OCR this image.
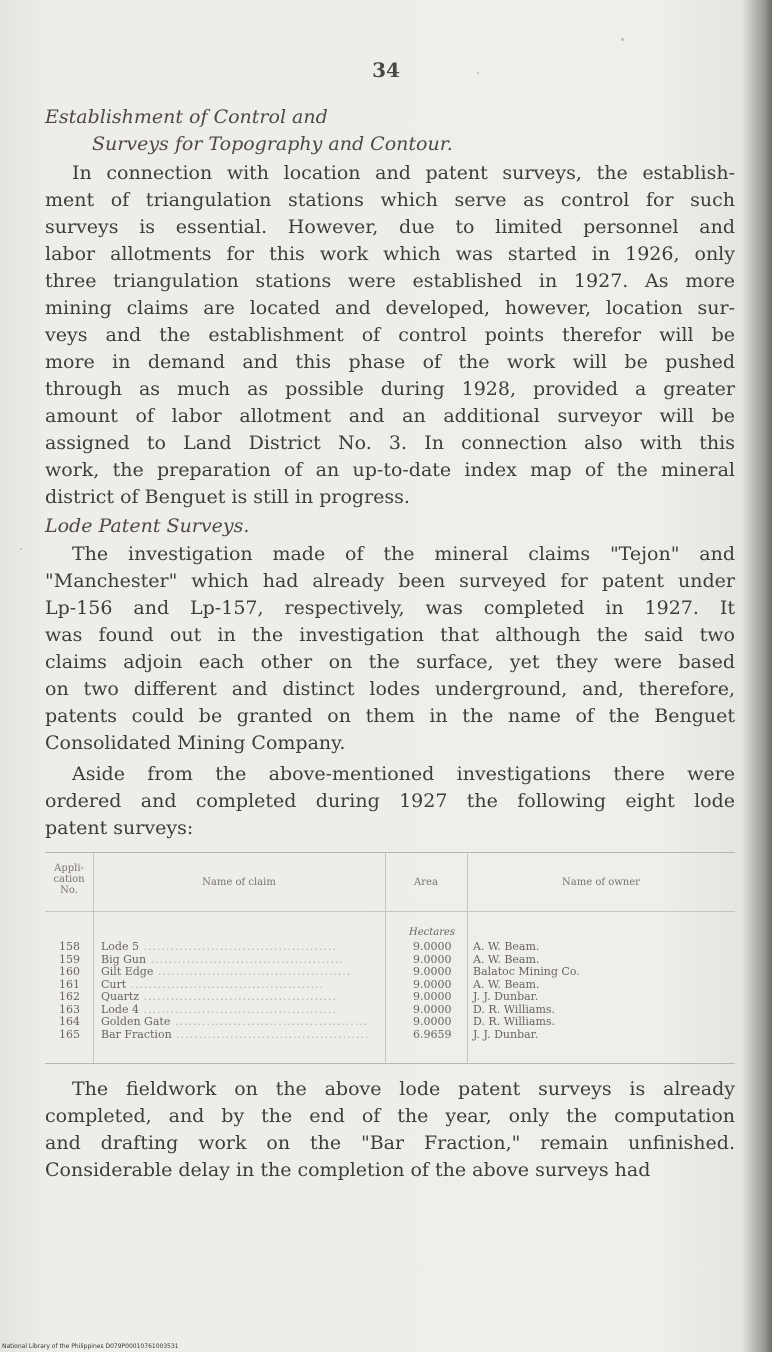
34
Establishment of Control and
Surveys for Topography and Contour.
In connection with location and patent surveys, the establish-
ment of triangulation stations which serve as control for such
surveys is essential. However, due to limited personnel and
labor allotments for this work which was started in 1926, only
three triangulation stations were established in 1927. As more
mining claims are located and developed, however, location sur-
veys and the establishment of control points therefor will be
more in demand and this phase of the work will be pushed
through as much as possible during 1928, provided a greater
amount of labor allotment and an additional surveyor will be
assigned to Land District No. 3. In connection also with this
work, the preparation of an up-to-date index map of the mineral
district of Benguet is still in progress.
Lode Patent Surveys.
The investigation made of the mineral claims "Tejon" and
"Manchester" which had already been surveyed for patent under
Lp-156 and Lp-157, respectively, was completed in 1927. It
was found out in the investigation that although the said two
claims adjoin each other on the surface, yet they were based
on two different and distinct lodes underground, and, therefore,
patents could be granted on them in the name of the Benguet
Consolidated Mining Company.
Aside from the above-mentioned investigations there were
ordered and completed during 1927 the following eight lode
patent surveys:
Appli-
cation
No.
Name of claim	Area	Name of owner
Hectares
158 Lode 5 .....	9.0000 A. W. Beam.
159 Big Gun .....	9.0000 A. W. Beam.
160 Gilt Edge .....	9.0000 Balatoc Mining Co.
161 Curt .....	9.0000 A. W. Beam.
162 Quartz .....	9.0000 J. J. Dunbar.
163 Lode 4 .....	9.0000 D. R. Williams.
164 Golden Gate .....	9.0000 D. R. Williams.
165 Bar Fraction .....	6.9659 J. J. Dunbar.
The fieldwork on the above lode patent surveys is already
completed, and by the end of the year, only the computation
and drafting work on the "Bar Fraction," remain unfinished.
Considerable delay in the completion of the above surveys had
National Library of the Philippines D079P00010761003531
